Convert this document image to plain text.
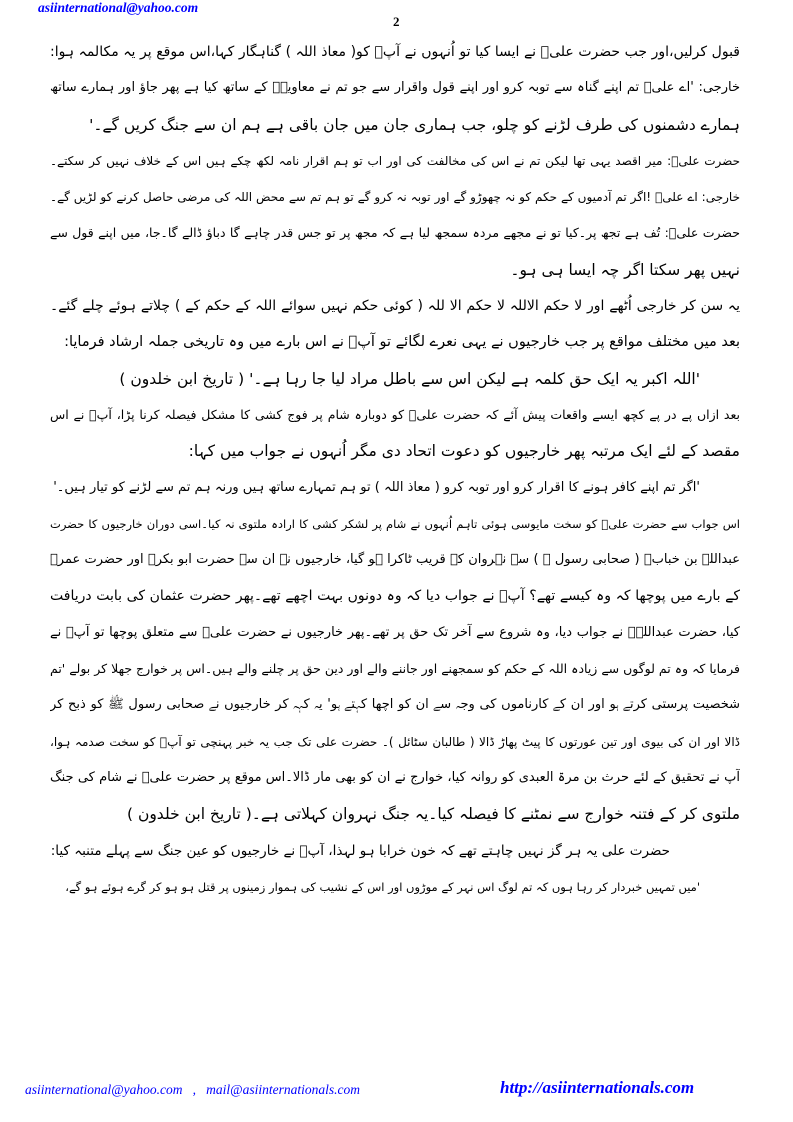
asiinternational@yahoo.com
2
قبول کرلیں،اور جب حضرت علیؑ نے ایسا کیا تو اُنہوں نے آپؑ کو( معاذ اللہ ) گناہگار کہا،اس موقع پر یہ مکالمہ ہوا:
خارجی: 'اے علیؑ تم اپنے گناہ سے توبہ کرو اور اپنے قول واقرار سے جو تم نے معاویہؓ کے ساتھ کیا ہے پھر جاؤ اور ہمارے ساتھ
ہمارے دشمنوں کی طرف لڑنے کو چلو، جب ہماری جان میں جان باقی ہے ہم ان سے جنگ کریں گے۔'
حضرت علیؑ: میر اقصد یہی تھا لیکن تم نے اس کی مخالفت کی اور اب تو ہم اقرار نامہ لکھ چکے ہیں اس کے خلاف نہیں کر سکتے۔
خارجی: اے علیؑ !اگر تم آدمیوں کے حکم کو نہ چھوڑو گے اور توبہ نہ کرو گے تو ہم تم سے محض اللہ کی مرضی حاصل کرنے کو لڑیں گے۔
حضرت علیؑ: تُف ہے تجھ پر۔کیا تو نے مجھے مردہ سمجھ لیا ہے کہ مجھ پر تو جس قدر چاہے گا دباؤ ڈالے گا۔جا، میں اپنے قول سے
نہیں پھر سکتا اگر چہ ایسا ہی ہو۔
یہ سن کر خارجی اُٹھے اور لا حکم الاللہ لا حکم الا للہ ( کوئی حکم نہیں سوائے اللہ کے حکم کے ) چلاتے ہوئے چلے گئے۔
بعد میں مختلف مواقع پر جب خارجیوں نے یہی نعرے لگائے تو آپؑ نے اس بارے میں وہ تاریخی جملہ ارشاد فرمایا:
'اللہ اکبر یہ ایک حق کلمہ ہے لیکن اس سے باطل مراد لیا جا رہا ہے۔' ( تاریخ ابن خلدون )
بعد ازاں پے در پے کچھ ایسے واقعات پیش آئے کہ حضرت علیؑ کو دوبارہ شام پر فوج کشی کا مشکل فیصلہ کرنا پڑا، آپؑ نے اس
مقصد کے لئے ایک مرتبہ پھر خارجیوں کو دعوت اتحاد دی مگر اُنہوں نے جواب میں کہا:
'اگر تم اپنے کافر ہونے کا اقرار کرو اور توبہ کرو ( معاذ اللہ ) تو ہم تمہارے ساتھ ہیں ورنہ ہم تم سے لڑنے کو تیار ہیں۔'
اس جواب سے حضرت علیؑ کو سخت مایوسی ہوئی تاہم اُنہوں نے شام پر لشکر کشی کا ارادہ ملتوی نہ کیا۔اسی دوران خارجیوں کا حضرت
عبداللہ بن خبابؓ ( صحابی رسول ﷺ ) سے نہروان کے قریب ٹاکرا ہو گیا، خارجیوں نے ان سے حضرت ابو بکرؓ اور حضرت عمرؓ
کے بارے میں پوچھا کہ وہ کیسے تھے؟ آپؓ نے جواب دیا کہ وہ دونوں بہت اچھے تھے۔پھر حضرت عثمان کی بابت دریافت
کیا، حضرت عبداللہؓ نے جواب دیا، وہ شروع سے آخر تک حق پر تھے۔پھر خارجیوں نے حضرت علیؑ سے متعلق پوچھا تو آپؓ نے
فرمایا کہ وہ تم لوگوں سے زیادہ اللہ کے حکم کو سمجھنے اور جاننے والے اور دین حق پر چلنے والے ہیں۔اس پر خوارج جھلا کر بولے 'تم
شخصیت پرستی کرتے ہو اور ان کے کارناموں کی وجہ سے ان کو اچھا کہتے ہو' یہ کہہ کر خارجیوں نے صحابی رسول ﷺ کو ذبح کر
ڈالا اور ان کی بیوی اور تین عورتوں کا پیٹ پھاڑ ڈالا ( طالبان سٹائل )۔ حضرت علی تک جب یہ خبر پہنچی تو آپؑ کو سخت صدمہ ہوا،
آپ نے تحقیق کے لئے حرث بن مرۃ العبدی کو روانہ کیا، خوارج نے ان کو بھی مار ڈالا۔اس موقع پر حضرت علیؑ نے شام کی جنگ
ملتوی کر کے فتنہ خوارج سے نمٹنے کا فیصلہ کیا۔یہ جنگ نہروان کہلاتی ہے۔( تاریخ ابن خلدون )
حضرت علی یہ ہر گز نہیں چاہتے تھے کہ خون خرابا ہو لہذا، آپؑ نے خارجیوں کو عین جنگ سے پہلے متنبہ کیا:
'میں تمہیں خبردار کر رہا ہوں کہ تم لوگ اس نہر کے موڑوں اور اس کے نشیب کی ہموار زمینوں پر قتل ہو ہو کر گرے ہوئے ہو گے،
asiinternational@yahoo.com   ,   mail@asiinternationals.com	http://asiinternationals.com
